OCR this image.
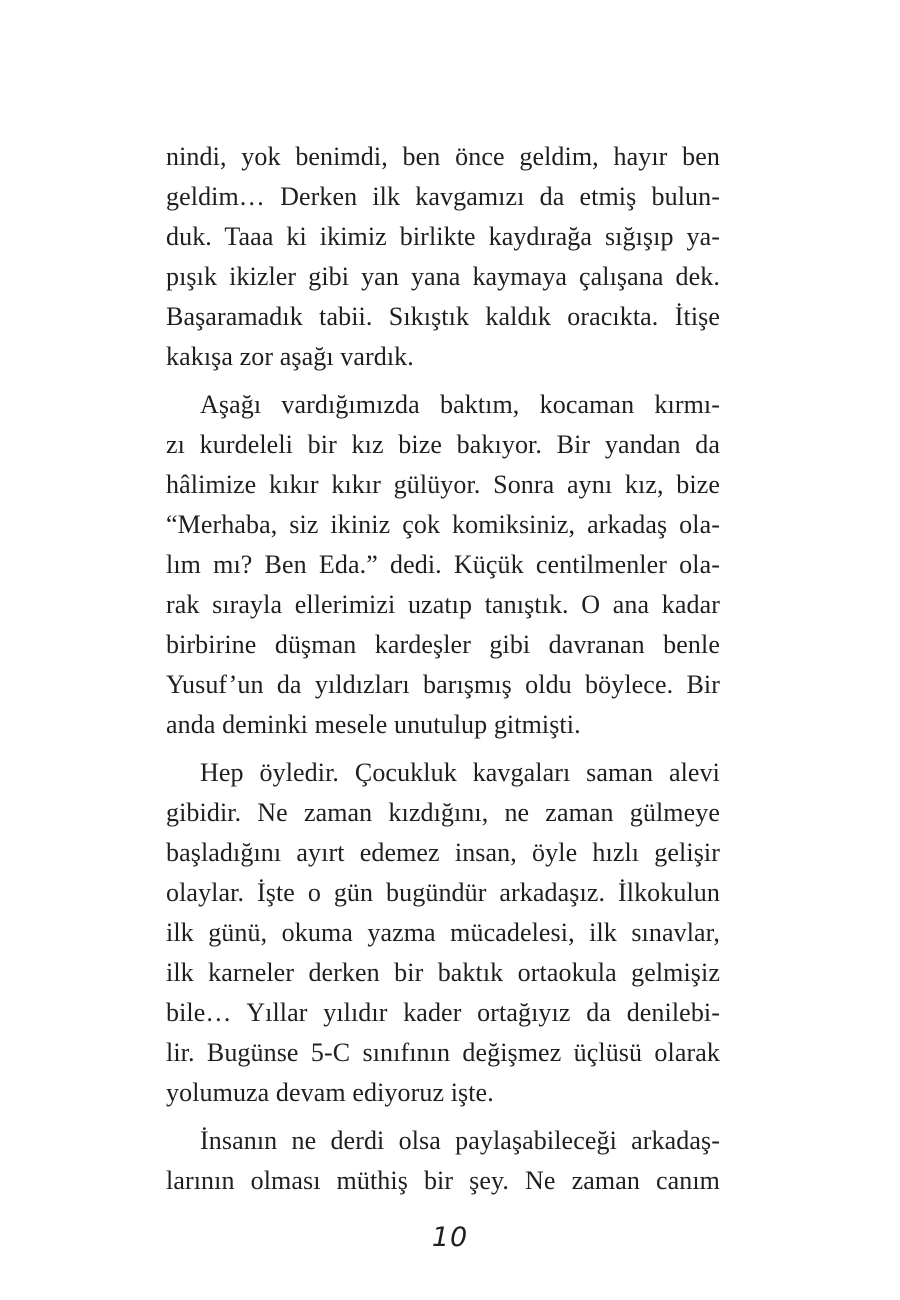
nindi, yok benimdi, ben önce geldim, hayır ben
geldim… Derken ilk kavgamızı da etmiş bulun-
duk. Taaa ki ikimiz birlikte kaydırağa sığışıp ya-
pışık ikizler gibi yan yana kaymaya çalışana dek.
Başaramadık tabii. Sıkıştık kaldık oracıkta. İtişe
kakışa zor aşağı vardık.
Aşağı vardığımızda baktım, kocaman kırmı-
zı kurdeleli bir kız bize bakıyor. Bir yandan da
hâlimize kıkır kıkır gülüyor. Sonra aynı kız, bize
“Merhaba, siz ikiniz çok komiksiniz, arkadaş ola-
lım mı? Ben Eda.” dedi. Küçük centilmenler ola-
rak sırayla ellerimizi uzatıp tanıştık. O ana kadar
birbirine düşman kardeşler gibi davranan benle
Yusuf’un da yıldızları barışmış oldu böylece. Bir
anda deminki mesele unutulup gitmişti.
Hep öyledir. Çocukluk kavgaları saman alevi
gibidir. Ne zaman kızdığını, ne zaman gülmeye
başladığını ayırt edemez insan, öyle hızlı gelişir
olaylar. İşte o gün bugündür arkadaşız. İlkokulun
ilk günü, okuma yazma mücadelesi, ilk sınavlar,
ilk karneler derken bir baktık ortaokula gelmişiz
bile… Yıllar yılıdır kader ortağıyız da denilebi-
lir. Bugünse 5-C sınıfının değişmez üçlüsü olarak
yolumuza devam ediyoruz işte.
İnsanın ne derdi olsa paylaşabileceği arkadaş-
larının olması müthiş bir şey. Ne zaman canım
10
